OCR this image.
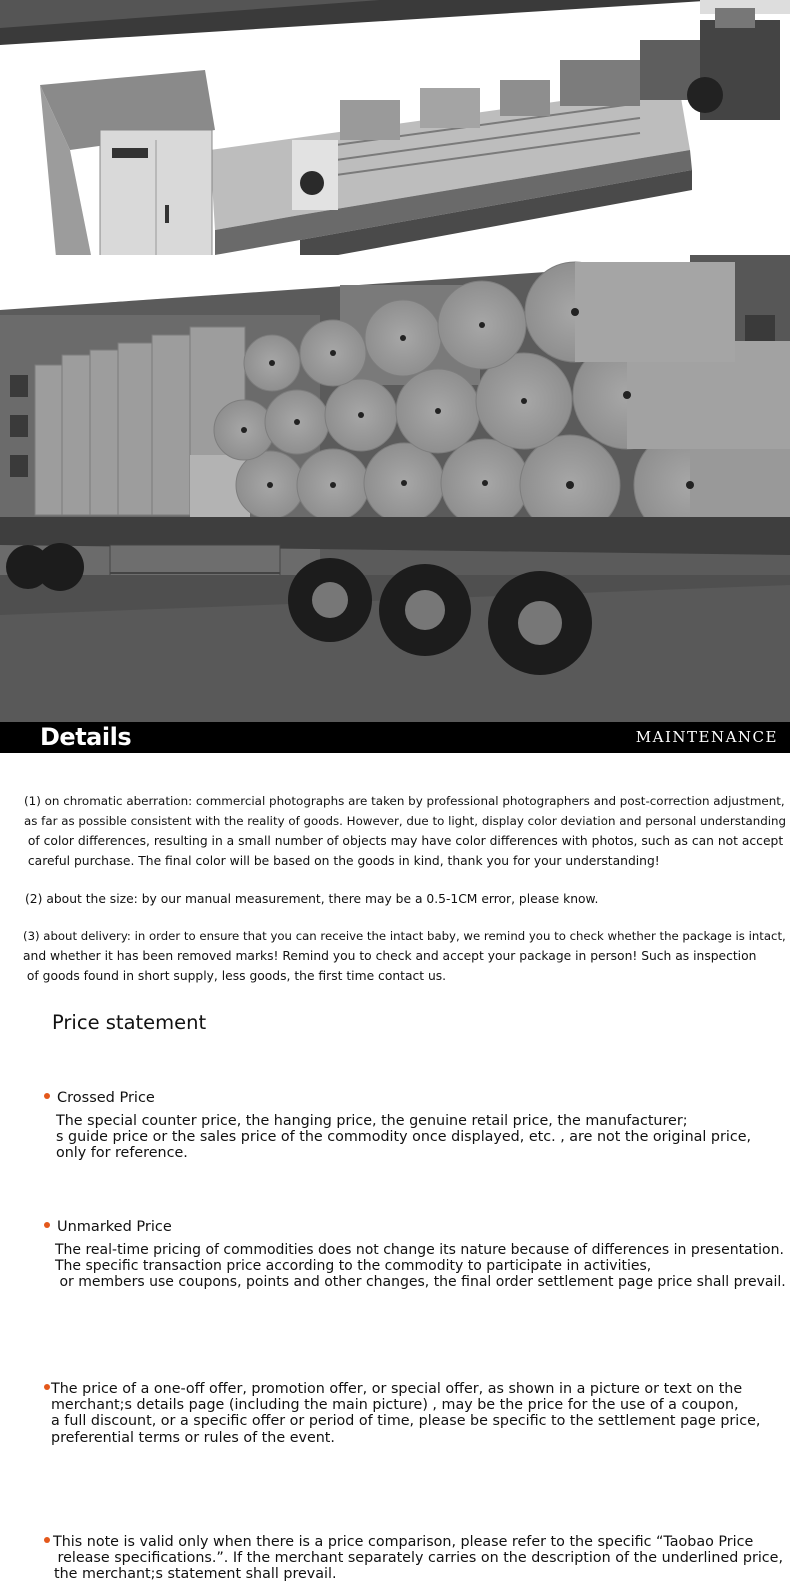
Details	MAINTENANCE

(1) on chromatic aberration: commercial photographs are taken by professional photographers and post-correction adjustment,

as far as possible consistent with the reality of goods. However, due to light, display color deviation and personal understanding

of color differences, resulting in a small number of objects may have color differences with photos, such as can not accept

careful purchase. The final color will be based on the goods in kind, thank you for your understanding!

(2) about the size: by our manual measurement, there may be a 0.5-1CM error, please know.

(3) about delivery: in order to ensure that you can receive the intact baby, we remind you to check whether the package is intact,

and whether it has been removed marks! Remind you to check and accept your package in person! Such as inspection

of goods found in short supply, less goods, the first time contact us.

Price statement
Crossed Price
The special counter price, the hanging price, the genuine retail price, the manufacturer;
s guide price or the sales price of the commodity once displayed, etc. , are not the original price,
only for reference.
Unmarked Price
The real-time pricing of commodities does not change its nature because of differences in presentation.
The specific transaction price according to the commodity to participate in activities,
or members use coupons, points and other changes, the final order settlement page price shall prevail.
The price of a one-off offer, promotion offer, or special offer, as shown in a picture or text on the
merchant;s details page (including the main picture) , may be the price for the use of a coupon,
a full discount, or a specific offer or period of time, please be specific to the settlement page price,
preferential terms or rules of the event.
This note is valid only when there is a price comparison, please refer to the specific “Taobao Price
release specifications.”. If the merchant separately carries on the description of the underlined price,
the merchant;s statement shall prevail.
